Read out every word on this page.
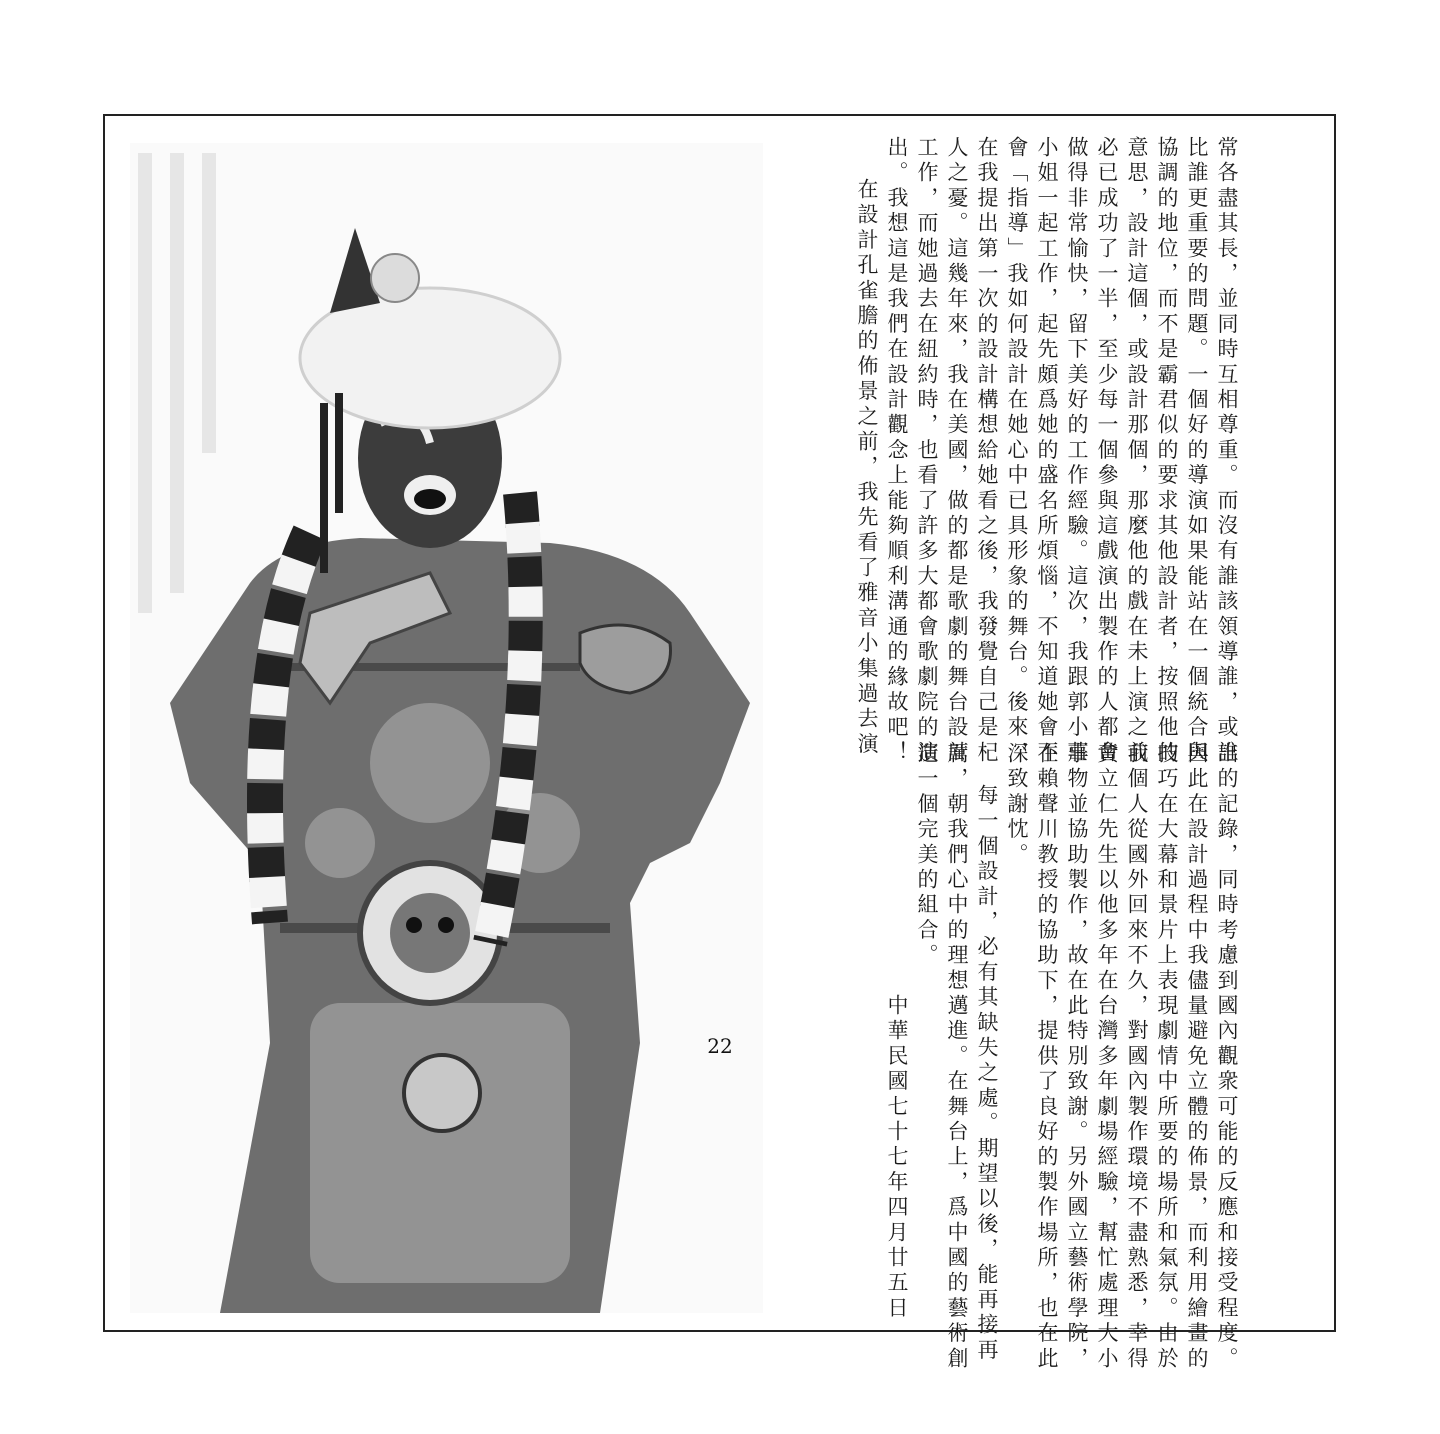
常各盡其長，並同時互相尊重。而沒有誰該領導誰，或誰

比誰更重要的問題。一個好的導演如果能站在一個統合與

協調的地位，而不是霸君似的要求其他設計者，按照他的

意思，設計這個，或設計那個，那麼他的戲在未上演之前

必已成功了一半，至少每一個參與這戲演出製作的人都會

做得非常愉快，留下美好的工作經驗。這次，我跟郭小莊

小姐一起工作，起先頗爲她的盛名所煩惱，不知道她會不

會「指導」我如何設計在她心中已具形象的舞台。後來，

在我提出第一次的設計構想給她看之後，我發覺自己是杞

人之憂。這幾年來，我在美國，做的都是歌劇的舞台設計

工作，而她過去在紐約時，也看了許多大都會歌劇院的演

出。我想這是我們在設計觀念上能夠順利溝通的緣故吧！

在設計孔雀膽的佈景之前，我先看了雅音小集過去演

出的記錄，同時考慮到國內觀衆可能的反應和接受程度。

因此在設計過程中我儘量避免立體的佈景，而利用繪畫的

技巧在大幕和景片上表現劇情中所要的場所和氣氛。由於

我個人從國外回來不久，對國內製作環境不盡熟悉，幸得

黃立仁先生以他多年在台灣多年劇場經驗，幫忙處理大小

事物並協助製作，故在此特別致謝。另外國立藝術學院，

在賴聲川教授的協助下，提供了良好的製作場所，也在此

深致謝忱。

每一個設計，必有其缺失之處。期望以後，能再接再

厲，朝我們心中的理想邁進。在舞台上，爲中國的藝術創

造一個完美的組合。

中華民國七十七年四月廿五日

22
